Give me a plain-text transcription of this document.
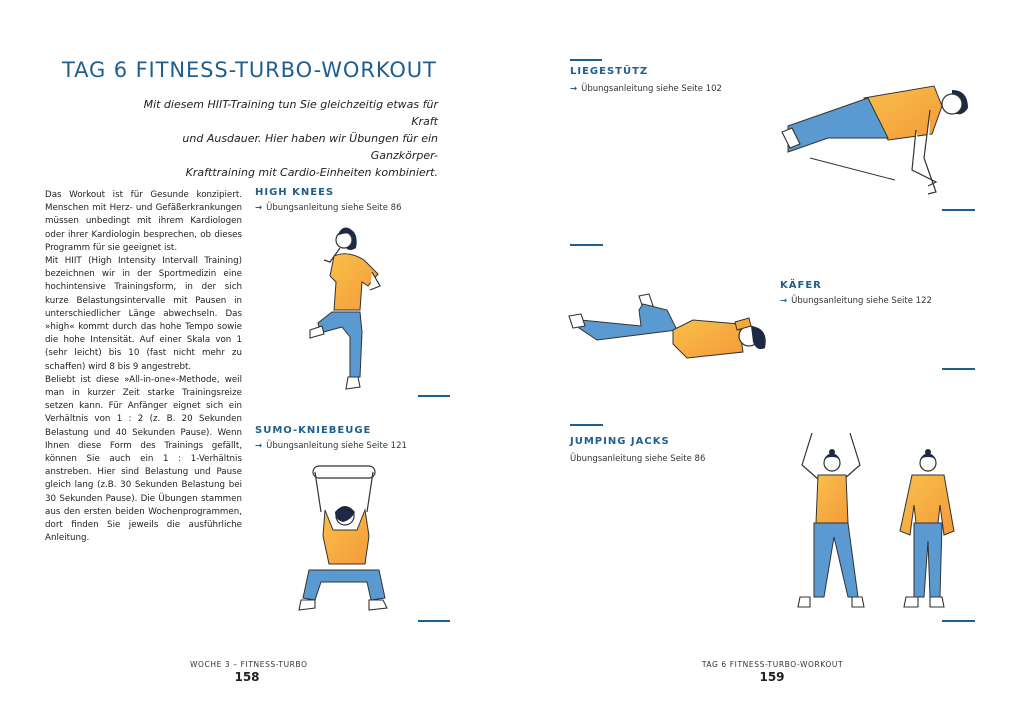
TAG 6 FITNESS-TURBO-WORKOUT
Mit diesem HIIT-Training tun Sie gleichzeitig etwas für Kraft
und Ausdauer. Hier haben wir Übungen für ein Ganzkörper-
Krafttraining mit Cardio-Einheiten kombiniert.

Das Workout ist für Gesunde konzipiert. Menschen mit Herz- und Gefäßerkrankungen müssen unbedingt mit ihrem Kardiologen oder ihrer Kardiologin besprechen, ob dieses Programm für sie geeignet ist.

Mit HIIT (High Intensity Intervall Training) bezeichnen wir in der Sportmedizin eine hochintensive Trainingsform, in der sich kurze Belastungsintervalle mit Pausen in unterschiedlicher Länge abwechseln. Das »high« kommt durch das hohe Tempo sowie die hohe Intensität. Auf einer Skala von 1 (sehr leicht) bis 10 (fast nicht mehr zu schaffen) wird 8 bis 9 angestrebt.

Beliebt ist diese »All-in-one«-Methode, weil man in kurzer Zeit starke Trainingsreize setzen kann. Für Anfänger eignet sich ein Verhältnis von 1 : 2 (z. B. 20 Sekunden Belastung und 40 Sekunden Pause). Wenn Ihnen diese Form des Trainings gefällt, können Sie auch ein 1 : 1-Verhältnis anstreben. Hier sind Belastung und Pause gleich lang (z.B. 30 Sekunden Belastung bei 30 Sekunden Pause). Die Übungen stammen aus den ersten beiden Wochenprogrammen, dort finden Sie jeweils die ausführliche Anleitung.

HIGH KNEES
→ Übungsanleitung siehe Seite 86
SUMO-KNIEBEUGE
→ Übungsanleitung siehe Seite 121
WOCHE 3 – FITNESS-TURBO
158
LIEGESTÜTZ
→ Übungsanleitung siehe Seite 102
KÄFER
→ Übungsanleitung siehe Seite 122
JUMPING JACKS
Übungsanleitung siehe Seite 86
TAG 6 FITNESS-TURBO-WORKOUT
159
